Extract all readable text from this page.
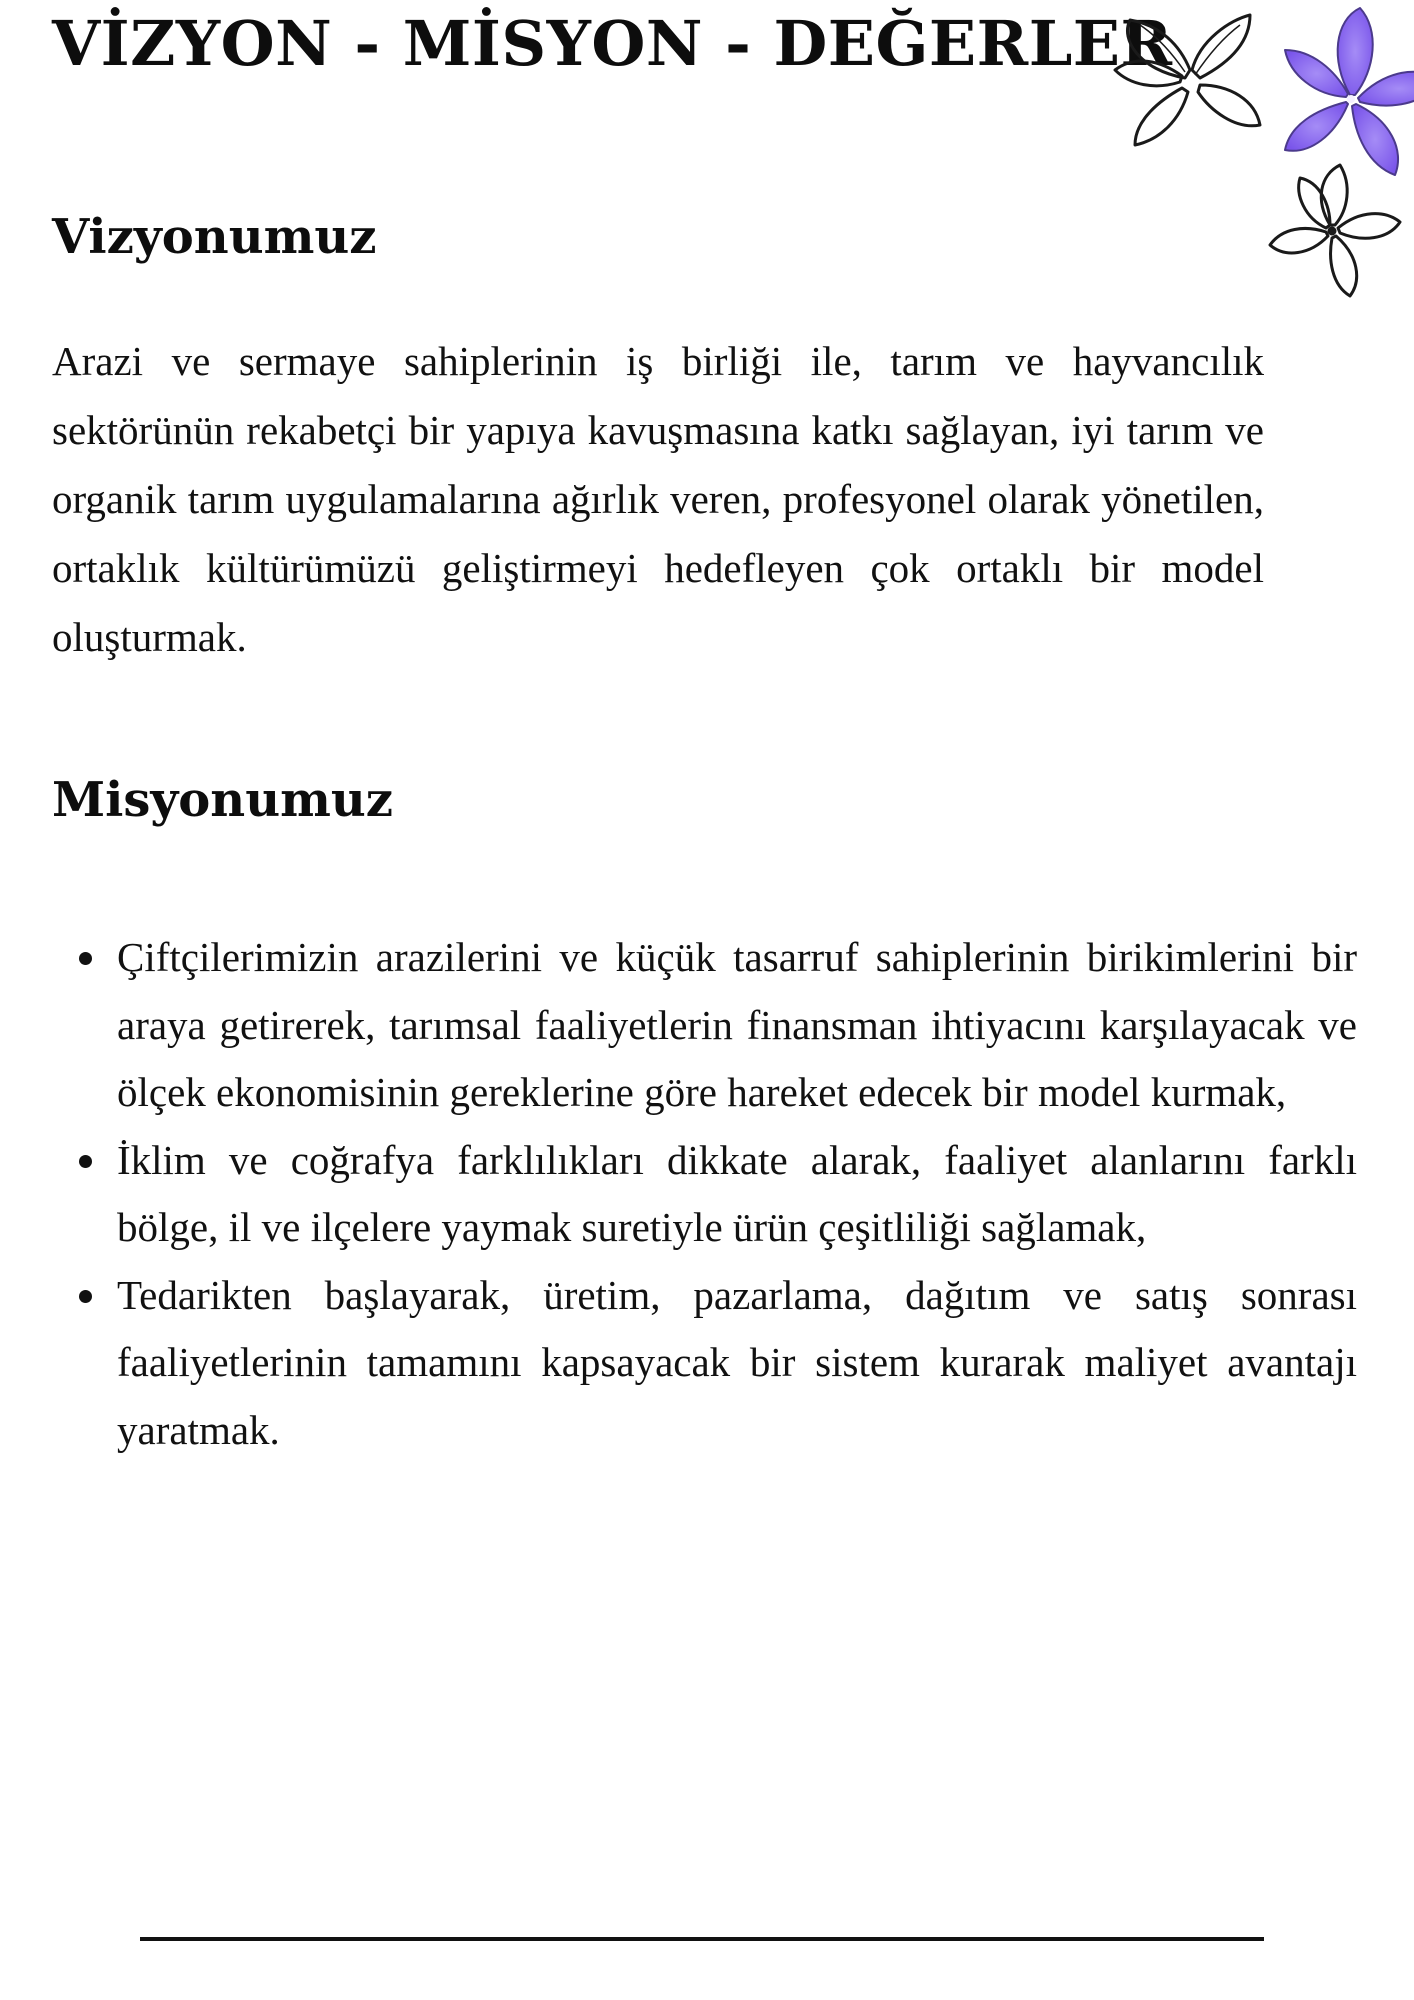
VİZYON - MİSYON - DEĞERLER
Vizyonumuz

Arazi ve sermaye sahiplerinin iş birliği ile, tarım ve hayvancılık sektörünün rekabetçi bir yapıya kavuşmasına katkı sağlayan, iyi tarım ve organik tarım uygulamalarına ağırlık veren, profesyonel olarak yönetilen, ortaklık kültürümüzü geliştirmeyi hedefleyen çok ortaklı bir model oluşturmak.

Misyonumuz
Çiftçilerimizin arazilerini ve küçük tasarruf sahiplerinin birikimlerini bir araya getirerek, tarımsal faaliyetlerin finansman ihtiyacını karşılayacak ve ölçek ekonomisinin gereklerine göre hareket edecek bir model kurmak,
İklim ve coğrafya farklılıkları dikkate alarak, faaliyet alanlarını farklı bölge, il ve ilçelere yaymak suretiyle ürün çeşitliliği sağlamak,
Tedarikten başlayarak, üretim, pazarlama, dağıtım ve satış sonrası faaliyetlerinin tamamını kapsayacak bir sistem kurarak maliyet avantajı yaratmak.
